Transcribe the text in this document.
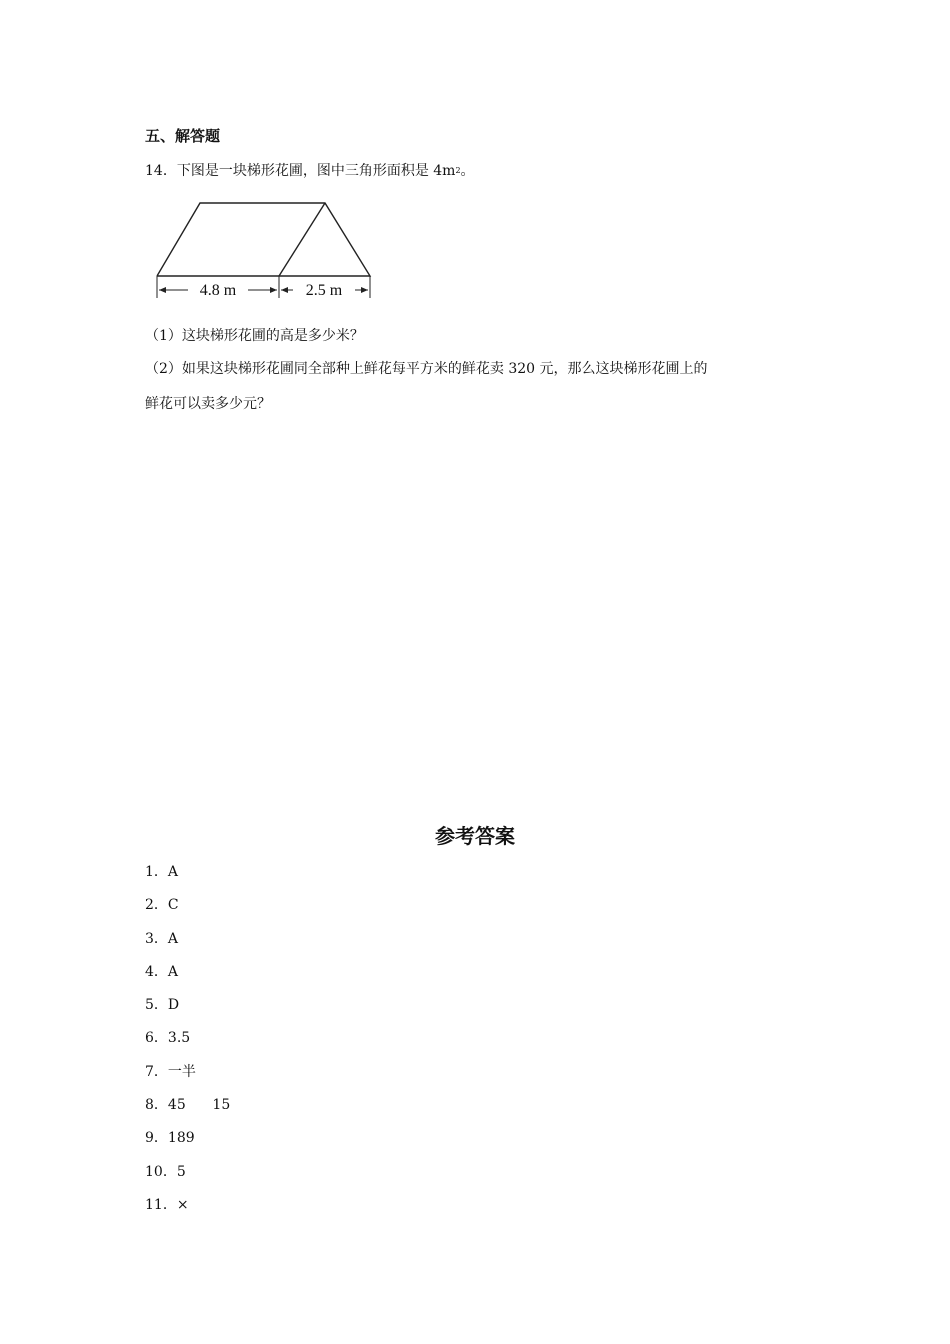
五、解答题
14．下图是一块梯形花圃，图中三角形面积是 $4m^2$。
4.8 m	2.5 m
（1）这块梯形花圃的高是多少米？
（2）如果这块梯形花圃同全部种上鲜花每平方米的鲜花卖 320 元，那么这块梯形花圃上的
鲜花可以卖多少元？
参考答案
1．A
2．C
3．A
4．A
5．D
6．3.5
7．一半
8．45      15
9．189
10．5
11．×
